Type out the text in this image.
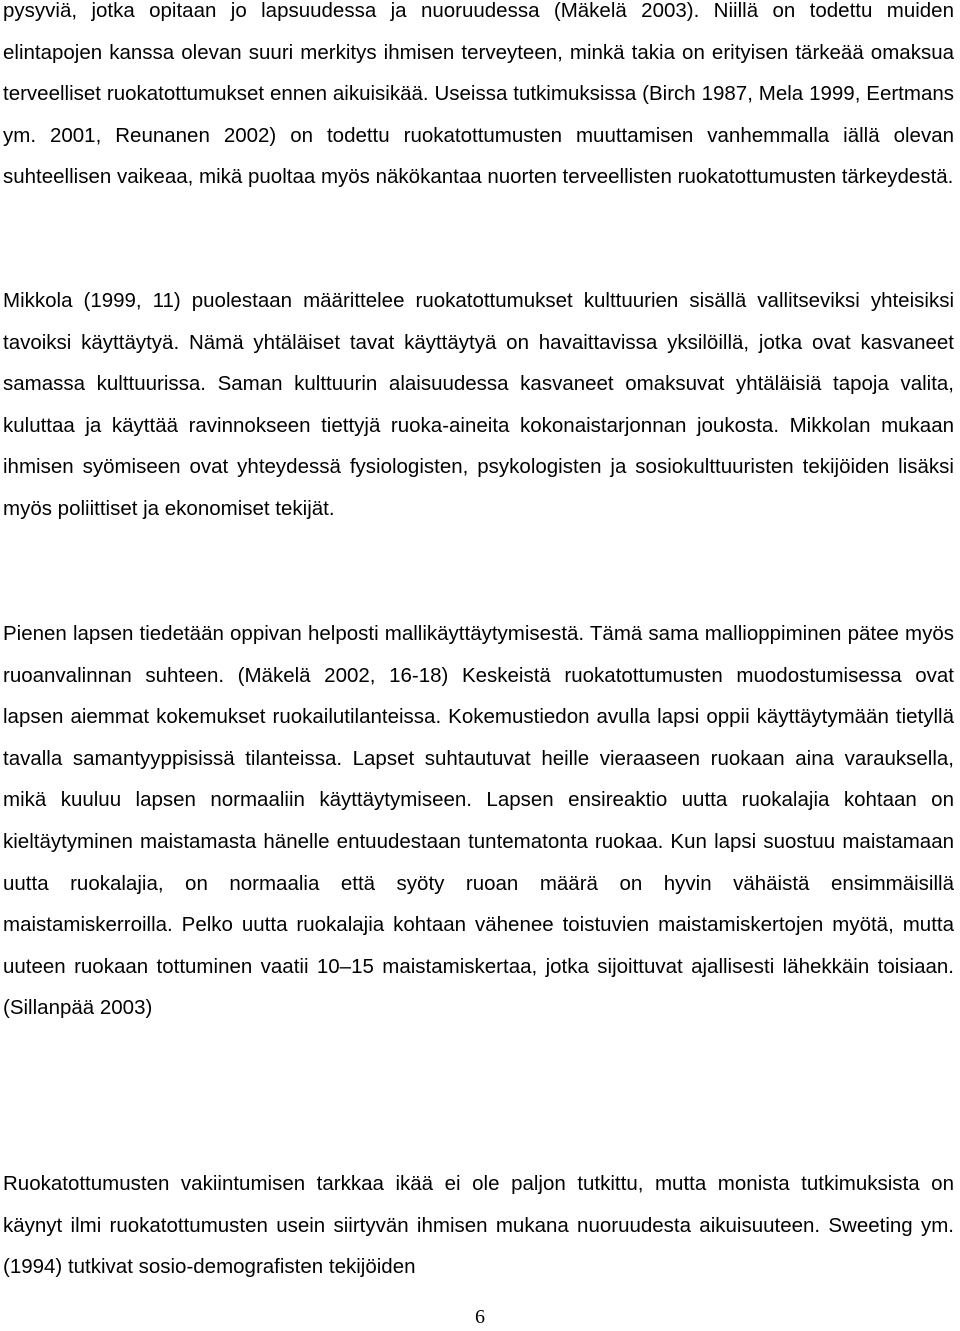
pysyviä, jotka opitaan jo lapsuudessa ja nuoruudessa (Mäkelä 2003). Niillä on todettu muiden elintapojen kanssa olevan suuri merkitys ihmisen terveyteen, minkä takia on erityisen tärkeää omaksua terveelliset ruokatottumukset ennen aikuisikää. Useissa tutkimuksissa (Birch 1987, Mela 1999, Eertmans ym. 2001, Reunanen 2002) on todettu ruokatottumusten muuttamisen vanhemmalla iällä olevan suhteellisen vaikeaa, mikä puoltaa myös näkökantaa nuorten terveellisten ruokatottumusten tärkeydestä.

Mikkola (1999, 11) puolestaan määrittelee ruokatottumukset kulttuurien sisällä vallitseviksi yhteisiksi tavoiksi käyttäytyä. Nämä yhtäläiset tavat käyttäytyä on havaittavissa yksilöillä, jotka ovat kasvaneet samassa kulttuurissa. Saman kulttuurin alaisuudessa kasvaneet omaksuvat yhtäläisiä tapoja valita, kuluttaa ja käyttää ravinnokseen tiettyjä ruoka-aineita kokonaistarjonnan joukosta. Mikkolan mukaan ihmisen syömiseen ovat yhteydessä fysiologisten, psykologisten ja sosiokulttuuristen tekijöiden lisäksi myös poliittiset ja ekonomiset tekijät.

Pienen lapsen tiedetään oppivan helposti mallikäyttäytymisestä. Tämä sama mallioppiminen pätee myös ruoanvalinnan suhteen. (Mäkelä 2002, 16-18) Keskeistä ruokatottumusten muodostumisessa ovat lapsen aiemmat kokemukset ruokailutilanteissa. Kokemustiedon avulla lapsi oppii käyttäytymään tietyllä tavalla samantyyppisissä tilanteissa. Lapset suhtautuvat heille vieraaseen ruokaan aina varauksella, mikä kuuluu lapsen normaaliin käyttäytymiseen. Lapsen ensireaktio uutta ruokalajia kohtaan on kieltäytyminen maistamasta hänelle entuudestaan tuntematonta ruokaa. Kun lapsi suostuu maistamaan uutta ruokalajia, on normaalia että syöty ruoan määrä on hyvin vähäistä ensimmäisillä maistamiskerroilla. Pelko uutta ruokalajia kohtaan vähenee toistuvien maistamiskertojen myötä, mutta uuteen ruokaan tottuminen vaatii 10–15 maistamiskertaa, jotka sijoittuvat ajallisesti lähekkäin toisiaan. (Sillanpää 2003)

Ruokatottumusten vakiintumisen tarkkaa ikää ei ole paljon tutkittu, mutta monista tutkimuksista on käynyt ilmi ruokatottumusten usein siirtyvän ihmisen mukana nuoruudesta aikuisuuteen. Sweeting ym. (1994) tutkivat sosio-demografisten tekijöiden

6
